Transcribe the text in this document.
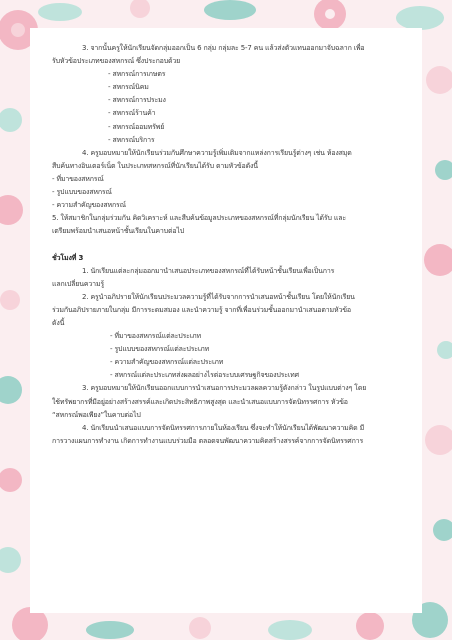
3. จากนั้นครูให้นักเรียนจัดกลุ่มออกเป็น 6 กลุ่ม กลุ่มละ 5-7 คน แล้วส่งตัวแทนออกมาจับฉลาก เพื่อ

รับหัวข้อประเภทของสหกรณ์ ซึ่งประกอบด้วย

- สหกรณ์การเกษตร

- สหกรณ์นิคม

- สหกรณ์การประมง

- สหกรณ์ร้านค้า

- สหกรณ์ออมทรัพย์

- สหกรณ์บริการ

4. ครูมอบหมายให้นักเรียนร่วมกันศึกษาความรู้เพิ่มเติมจากแหล่งการเรียนรู้ต่างๆ เช่น ห้องสมุด

สืบค้นทางอินเตอร์เน็ต ในประเภทสหกรณ์ที่นักเรียนได้รับ ตามหัวข้อดังนี้

- ที่มาของสหกรณ์

- รูปแบบของสหกรณ์

- ความสำคัญของสหกรณ์

5. ให้สมาชิกในกลุ่มร่วมกัน คิดวิเคราะห์ และสืบค้นข้อมูลประเภทของสหกรณ์ที่กลุ่มนักเรียน ได้รับ และ

เตรียมพร้อมนำเสนอหน้าชั้นเรียนในคาบต่อไป

ชั่วโมงที่ 3

1. นักเรียนแต่ละกลุ่มออกมานำเสนอประเภทของสหกรณ์ที่ได้รับหน้าชั้นเรียนเพื่อเป็นการ

แลกเปลี่ยนความรู้

2. ครูนำอภิปรายให้นักเรียนประมวลความรู้ที่ได้รับจากการนำเสนอหน้าชั้นเรียน โดยให้นักเรียน

ร่วมกันอภิปรายภายในกลุ่ม มีการระดมสมอง และนำความรู้ จากที่เพื่อนร่วมชั้นออกมานำเสนอตามหัวข้อ

ดังนี้

- ที่มาของสหกรณ์แต่ละประเภท

- รูปแบบของสหกรณ์แต่ละประเภท

- ความสำคัญของสหกรณ์แต่ละประเภท

- สหกรณ์แต่ละประเภทส่งผลอย่างไรต่อระบบเศรษฐกิจของประเทศ

3. ครูมอบหมายให้นักเรียนออกแบบการนำเสนอการประมวลผลความรู้ดังกล่าว ในรูปแบบต่างๆ โดย

ใช้ทรัพยากรที่มีอยู่อย่างสร้างสรรค์และเกิดประสิทธิภาพสูงสุด และนำเสนอแบบการจัดนิทรรศการ หัวข้อ

“สหกรณ์พอเพียง”ในคาบต่อไป

4. นักเรียนนำเสนอแบบการจัดนิทรรศการภายในห้องเรียน ซึ่งจะทำให้นักเรียนได้พัฒนาความคิด มี

การวางแผนการทำงาน เกิดการทำงานแบบร่วมมือ ตลอดจนพัฒนาความคิดสร้างสรรค์จากการจัดนิทรรศการ
